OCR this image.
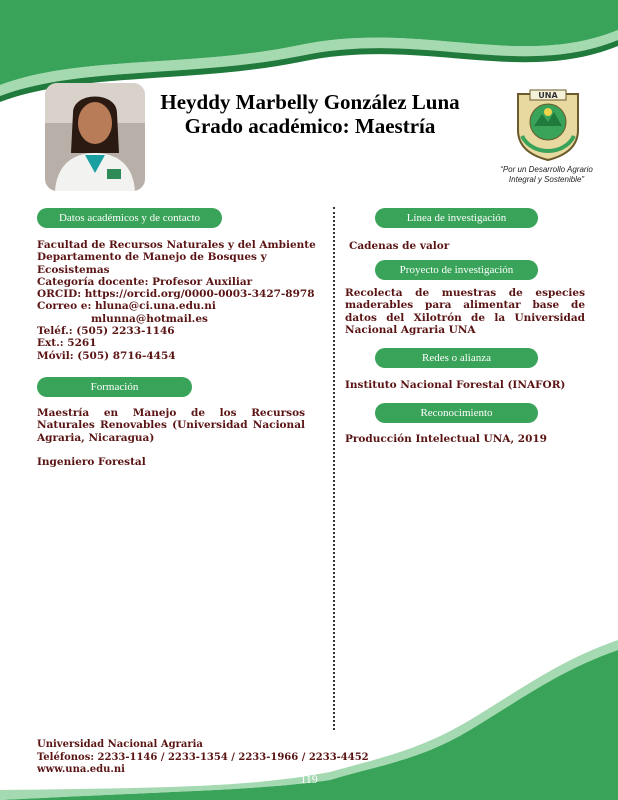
Heyddy Marbelly González Luna
Grado académico: Maestría
UNA
“Por un Desarrollo Agrario
Integral y Sostenible”
Datos académicos y de contacto
Facultad de Recursos Naturales y del Ambiente
Departamento de Manejo de Bosques y Ecosistemas
Categoría docente: Profesor Auxiliar
ORCID: https://orcid.org/0000-0003-3427-8978
Correo e: hluna@ci.una.edu.ni
mlunna@hotmail.es
Teléf.: (505) 2233-1146
Ext.: 5261
Móvil: (505) 8716-4454
Formación
Maestría en Manejo de los Recursos Naturales Renovables (Universidad Nacional Agraria, Nicaragua)
Ingeniero Forestal
Línea de investigación
Cadenas de valor
Proyecto de investigación
Recolecta de muestras de especies maderables para alimentar base de datos del Xilotrón de la Universidad Nacional Agraria UNA
Redes o alianza
Instituto Nacional Forestal (INAFOR)
Reconocimiento
Producción Intelectual UNA, 2019
Universidad Nacional Agraria
Teléfonos: 2233-1146 / 2233-1354 / 2233-1966 / 2233-4452
www.una.edu.ni
119
